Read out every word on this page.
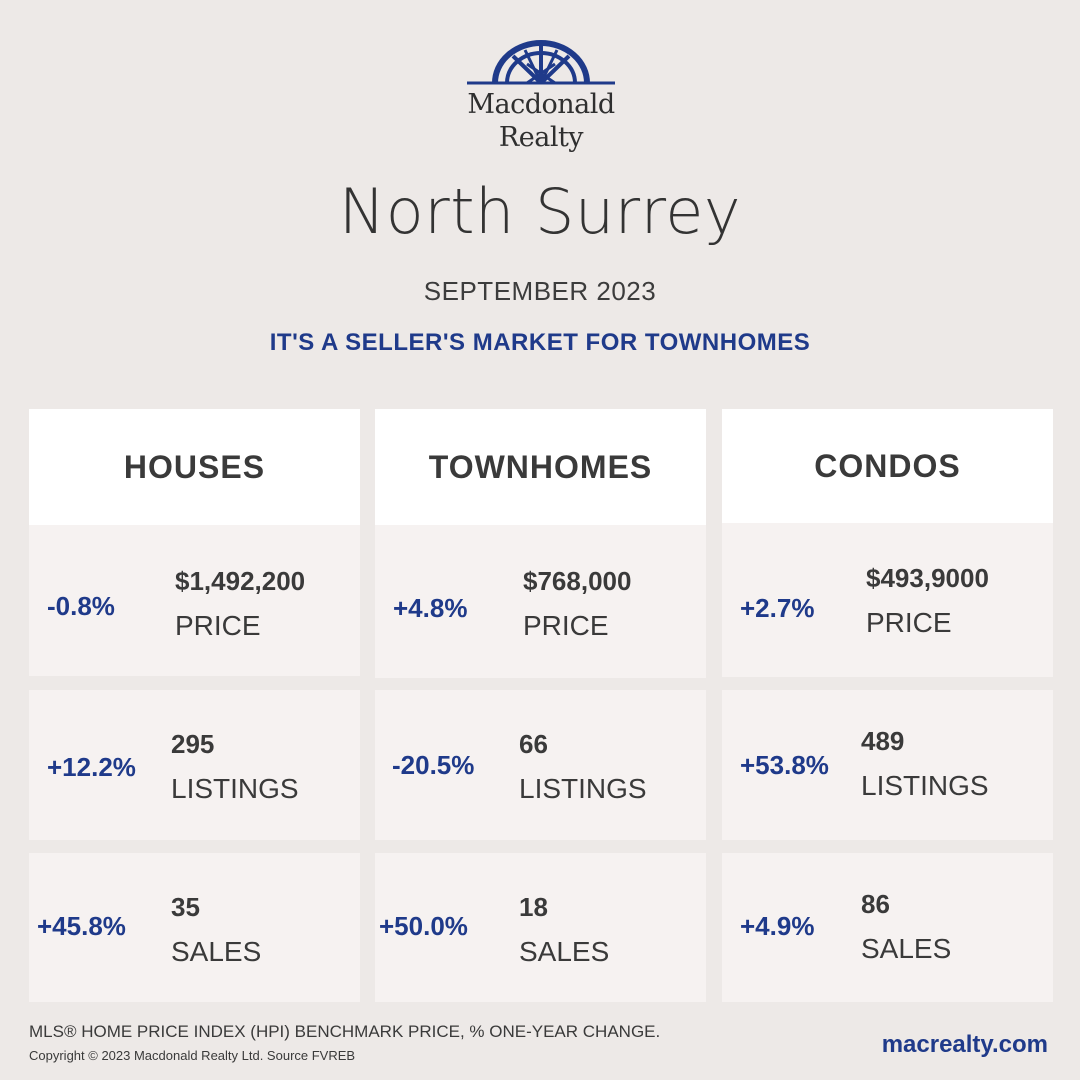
Macdonald
Realty
North Surrey
SEPTEMBER 2023
IT'S A SELLER'S MARKET FOR TOWNHOMES
HOUSES
-0.8%
$1,492,200
PRICE
+12.2%
295
LISTINGS
+45.8%
35
SALES
TOWNHOMES
+4.8%
$768,000
PRICE
-20.5%
66
LISTINGS
+50.0%
18
SALES
CONDOS
+2.7%
$493,9000
PRICE
+53.8%
489
LISTINGS
+4.9%
86
SALES
MLS® HOME PRICE INDEX (HPI) BENCHMARK PRICE, % ONE-YEAR CHANGE.
Copyright © 2023 Macdonald Realty Ltd. Source FVREB	macrealty.com
